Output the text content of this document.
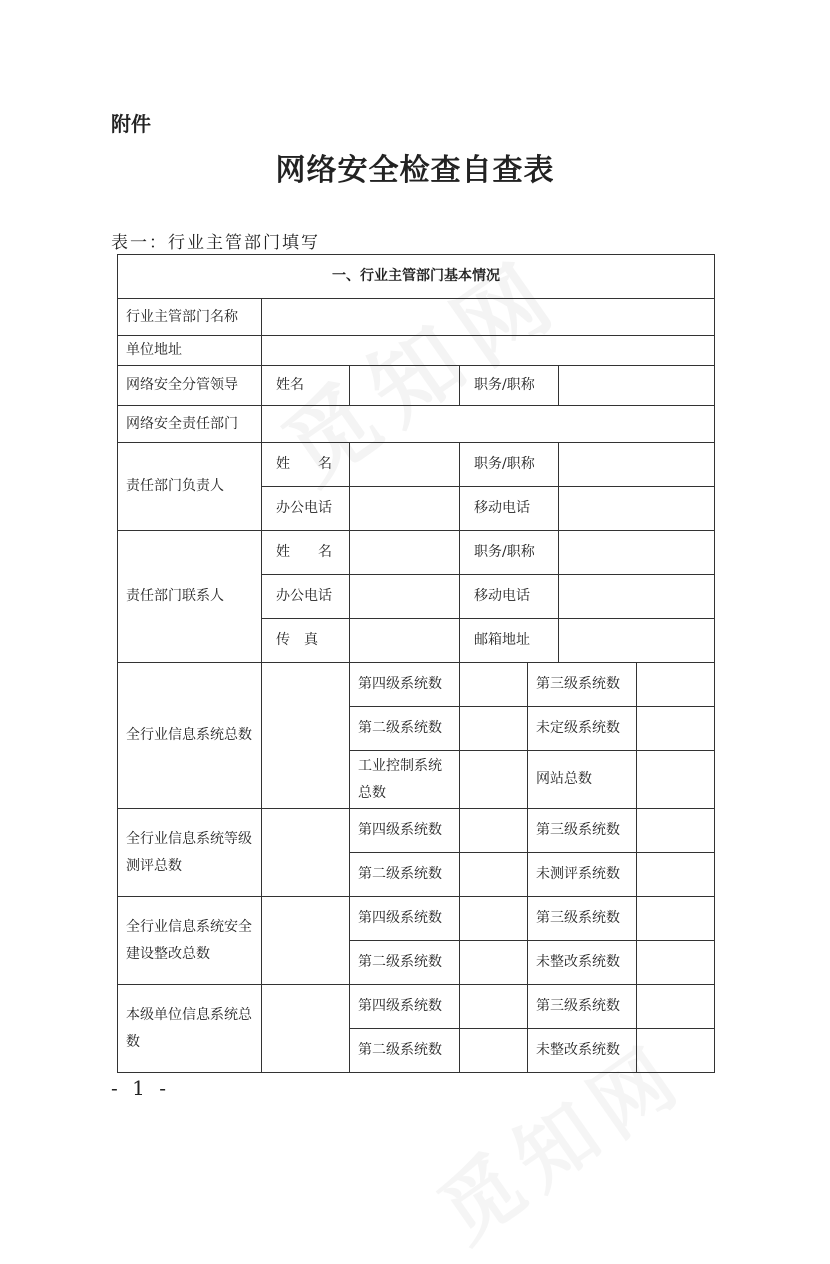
附件
网络安全检查自查表
表一：行业主管部门填写
一、行业主管部门基本情况						
行业主管部门名称						
单位地址						
网络安全分管领导	姓名		职务/职称			
网络安全责任部门						
责任部门负责人	姓　　名		职务/职称			
	办公电话		移动电话			
责任部门联系人	姓　　名		职务/职称			
	办公电话		移动电话			
	传　真		邮箱地址			
全行业信息系统总数		第四级系统数		第三级系统数		
		第二级系统数		未定级系统数		
		工业控制系统总数		网站总数		
全行业信息系统等级测评总数		第四级系统数		第三级系统数		
		第二级系统数		未测评系统数		
全行业信息系统安全建设整改总数		第四级系统数		第三级系统数		
		第二级系统数		未整改系统数		
本级单位信息系统总数		第四级系统数		第三级系统数		
		第二级系统数		未整改系统数		
- 1 -
